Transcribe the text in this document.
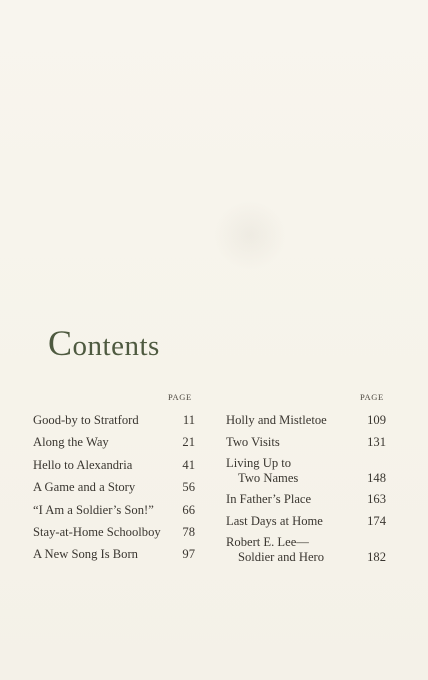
Contents
PAGE	PAGE
Good-by to Stratford	11
Along the Way	21
Hello to Alexandria	41
A Game and a Story	56
“I Am a Soldier’s Son!” 66
Stay-at-Home Schoolboy 78
A New Song Is Born	97
Holly and Mistletoe	109
Two Visits	131
Living Up to
Two Names	148
In Father’s Place	163
Last Days at Home	174
Robert E. Lee—
Soldier and Hero	182
